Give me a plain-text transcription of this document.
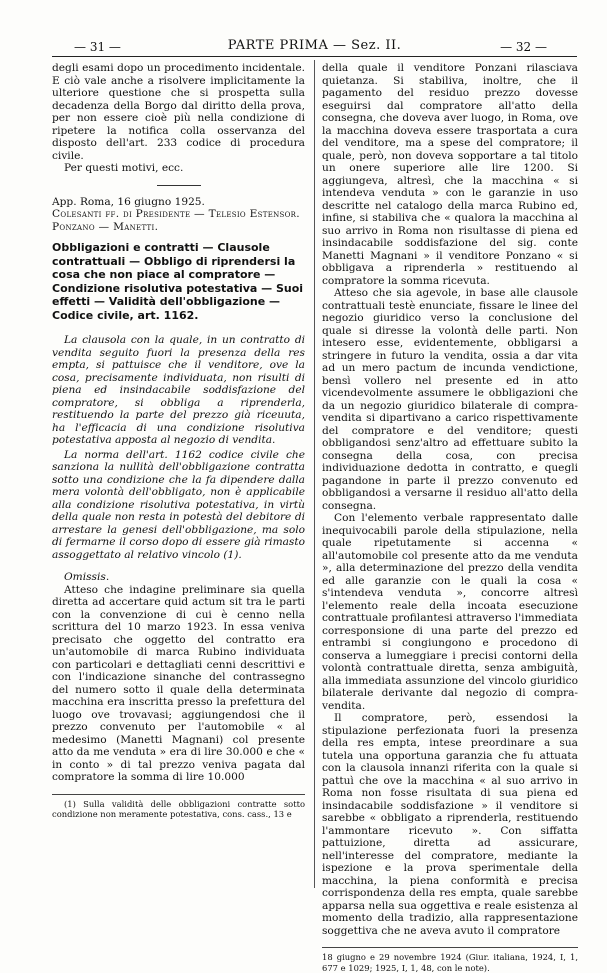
— 31 —	PARTE PRIMA — Sez. II.	— 32 —

degli esami dopo un procedimento incidentale. E ciò vale anche a risolvere implicitamente la ulteriore questione che si prospetta sulla decadenza della Borgo dal diritto della prova, per non essere cioè più nella condizione di ripetere la notifica colla osservanza del disposto dell'art. 233 codice di procedura civile.

Per questi motivi, ecc.

App. Roma, 16 giugno 1925.

Colesanti ff. di Presidente — Telesio Estensor.

Ponzano — Manetti.

Obbligazioni e contratti — Clausole contrattuali — Obbligo di riprendersi la cosa che non piace al compratore — Condizione risolutiva potestativa — Suoi effetti — Validità dell'obbligazione — Codice civile, art. 1162.

La clausola con la quale, in un contratto di vendita seguito fuori la presenza della res empta, si pattuisce che il venditore, ove la cosa, precisamente individuata, non risulti di piena ed insindacabile soddisfazione del compratore, si obbliga a riprenderla, restituendo la parte del prezzo già riceuuta, ha l'efficacia di una condizione risolutiva potestativa apposta al negozio di vendita.

La norma dell'art. 1162 codice civile che sanziona la nullità dell'obbligazione contratta sotto una condizione che la fa dipendere dalla mera volontà dell'obbligato, non è applicabile alla condizione risolutiva potestativa, in virtù della quale non resta in potestà del debitore di arrestare la genesi dell'obbligazione, ma solo di fermarne il corso dopo di essere già rimasto assoggettato al relativo vincolo (1).

Omissis.

Atteso che indagine preliminare sia quella diretta ad accertare quid actum sit tra le parti con la convenzione di cui è cenno nella scrittura del 10 marzo 1923. In essa veniva precisato che oggetto del contratto era un'automobile di marca Rubino individuata con particolari e dettagliati cenni descrittivi e con l'indicazione sinanche del contrassegno del numero sotto il quale della determinata macchina era inscritta presso la prefettura del luogo ove trovavasi; aggiungendosi che il prezzo convenuto per l'automobile « al medesimo (Manetti Magnani) col presente atto da me venduta » era di lire 30.000 e che « in conto » di tal prezzo veniva pagata dal compratore la somma di lire 10.000

(1) Sulla validità delle obbligazioni contratte sotto condizione non meramente potestativa, cons. cass., 13 e

della quale il venditore Ponzani rilasciava quietanza. Si stabiliva, inoltre, che il pagamento del residuo prezzo dovesse eseguirsi dal compratore all'atto della consegna, che doveva aver luogo, in Roma, ove la macchina doveva essere trasportata a cura del venditore, ma a spese del compratore; il quale, però, non doveva sopportare a tal titolo un onere superiore alle lire 1200. Si aggiungeva, altresì, che la macchina « si intendeva venduta » con le garanzie in uso descritte nel catalogo della marca Rubino ed, infine, si stabiliva che « qualora la macchina al suo arrivo in Roma non risultasse di piena ed insindacabile soddisfazione del sig. conte Manetti Magnani » il venditore Ponzano « si obbligava a riprenderla » restituendo al compratore la somma ricevuta.

Atteso che sia agevole, in base alle clausole contrattuali testè enunciate, fissare le linee del negozio giuridico verso la conclusione del quale si diresse la volontà delle parti. Non intesero esse, evidentemente, obbligarsi a stringere in futuro la vendita, ossia a dar vita ad un mero pactum de incunda vendictione, bensì vollero nel presente ed in atto vicendevolmente assumere le obbligazioni che da un negozio giuridico bilaterale di compra-vendita si dipartivano a carico rispettivamente del compratore e del venditore; questi obbligandosi senz'altro ad effettuare subito la consegna della cosa, con precisa individuazione dedotta in contratto, e quegli pagandone in parte il prezzo convenuto ed obbligandosi a versarne il residuo all'atto della consegna.

Con l'elemento verbale rappresentato dalle inequivocabili parole della stipulazione, nella quale ripetutamente si accenna « all'automobile col presente atto da me venduta », alla determinazione del prezzo della vendita ed alle garanzie con le quali la cosa « s'intendeva venduta », concorre altresì l'elemento reale della incoata esecuzione contrattuale profilantesi attraverso l'immediata corresponsione di una parte del prezzo ed entrambi si congiungono e procedono di conserva a lumeggiare i precisi contorni della volontà contrattuale diretta, senza ambiguità, alla immediata assunzione del vincolo giuridico bilaterale derivante dal negozio di compra-vendita.

Il compratore, però, essendosi la stipulazione perfezionata fuori la presenza della res empta, intese preordinare a sua tutela una opportuna garanzia che fu attuata con la clausola innanzi riferita con la quale si pattuì che ove la macchina « al suo arrivo in Roma non fosse risultata di sua piena ed insindacabile soddisfazione » il venditore si sarebbe « obbligato a riprenderla, restituendo l'ammontare ricevuto ». Con siffatta pattuizione, diretta ad assicurare, nell'interesse del compratore, mediante la ispezione e la prova sperimentale della macchina, la piena conformità e precisa corrispondenza della res empta, quale sarebbe apparsa nella sua oggettiva e reale esistenza al momento della tradizio, alla rappresentazione soggettiva che ne aveva avuto il compratore

18 giugno e 29 novembre 1924 (Giur. italiana, 1924, I, 1, 677 e 1029; 1925, I, 1, 48, con le note).
